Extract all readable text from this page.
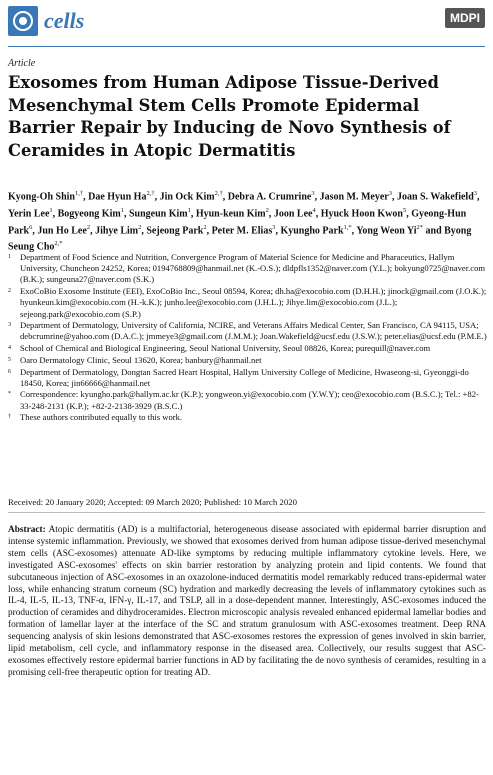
cells	MDPI
Article
Exosomes from Human Adipose Tissue-Derived Mesenchymal Stem Cells Promote Epidermal Barrier Repair by Inducing de Novo Synthesis of Ceramides in Atopic Dermatitis
Kyong-Oh Shin$^{1,\dagger}$, Dae Hyun $Ha^{2,\dagger}$, Jin Ock Kim$^{2,\dagger}$, Debra A. Crumrine$^3$, Jason M. Meyer$^3$, Joan S. Wakefield$^3$, Yerin Lee$^1$, Bogyeong Kim$^1$, Sungeun Kim$^1$, Hyun-keun Kim$^2$, Joon Lee$^4$, Hyuck Hoon Kwon$^5$, Gyeong-Hun Park$^6$, Jun Ho Lee$^2$, Jihye Lim$^2$, Sejeong Park$^2$, Peter M. Elias$^3$, Kyungho Park$^{1,*}$, Yong Weon $Yi^{2*}$ and Byong Seung Cho$^{2,*}$
1	Department of Food Science and Nutrition, Convergence Program of Material Science for Medicine and Pharaceutics, Hallym University, Chuncheon 24252, Korea; 0194768809@hanmail.net (K.-O.S.); dldpfls1352@naver.com (Y.L.); bokyung0725@naver.com (B.K.); sungeuna27@naver.com (S.K.)
2	ExoCoBio Exosome Institute (EEI), ExoCoBio Inc., Seoul 08594, Korea; dh.ha@exocobio.com (D.H.H.); jinock@gmail.com (J.O.K.); hyunkeun.kim@exocobio.com (H.-k.K.); junho.lee@exocobio.com (J.H.L.); Jihye.lim@exocobio.com (J.L.); sejeong.park@exocobio.com (S.P.)
3	Department of Dermatology, University of California, NCIRE, and Veterans Affairs Medical Center, San Francisco, CA 94115, USA; debcrumrine@yahoo.com (D.A.C.); jmmeye3@gmail.com (J.M.M.); Joan.Wakefield@ucsf.edu (J.S.W.); peter.elias@ucsf.edu (P.M.E.)
4	School of Chemical and Biological Engineering, Seoul National University, Seoul 08826, Korea; purequill@naver.com
5	Oaro Dermatology Clinic, Seoul 13620, Korea; banbury@hanmail.net
6	Department of Dermatology, Dongtan Sacred Heart Hospital, Hallym University College of Medicine, Hwaseong-si, Gyeonggi-do 18450, Korea; jin66666@hanmail.net
*	Correspondence: kyungho.park@hallym.ac.kr (K.P.); yongweon.yi@exocobio.com (Y.W.Y); ceo@exocobio.com (B.S.C.); Tel.: +82-33-248-2131 (K.P.); +82-2-2138-3929 (B.S.C.)
†	These authors contributed equally to this work.
Received: 20 January 2020; Accepted: 09 March 2020; Published: 10 March 2020
Abstract: Atopic dermatitis (AD) is a multifactorial, heterogeneous disease associated with epidermal barrier disruption and intense systemic inflammation. Previously, we showed that exosomes derived from human adipose tissue-derived mesenchymal stem cells (ASC-exosomes) attenuate AD-like symptoms by reducing multiple inflammatory cytokine levels. Here, we investigated ASC-exosomes' effects on skin barrier restoration by analyzing protein and lipid contents. We found that subcutaneous injection of ASC-exosomes in an oxazolone-induced dermatitis model remarkably reduced trans-epidermal water loss, while enhancing stratum corneum (SC) hydration and markedly decreasing the levels of inflammatory cytokines such as IL-4, IL-5, IL-13, TNF-α, IFN-γ, IL-17, and TSLP, all in a dose-dependent manner. Interestingly, ASC-exosomes induced the production of ceramides and dihydroceramides. Electron microscopic analysis revealed enhanced epidermal lamellar bodies and formation of lamellar layer at the interface of the SC and stratum granulosum with ASC-exosomes treatment. Deep RNA sequencing analysis of skin lesions demonstrated that ASC-exosomes restores the expression of genes involved in skin barrier, lipid metabolism, cell cycle, and inflammatory response in the diseased area. Collectively, our results suggest that ASC-exosomes effectively restore epidermal barrier functions in AD by facilitating the de novo synthesis of ceramides, resulting in a promising cell-free therapeutic option for treating AD.
